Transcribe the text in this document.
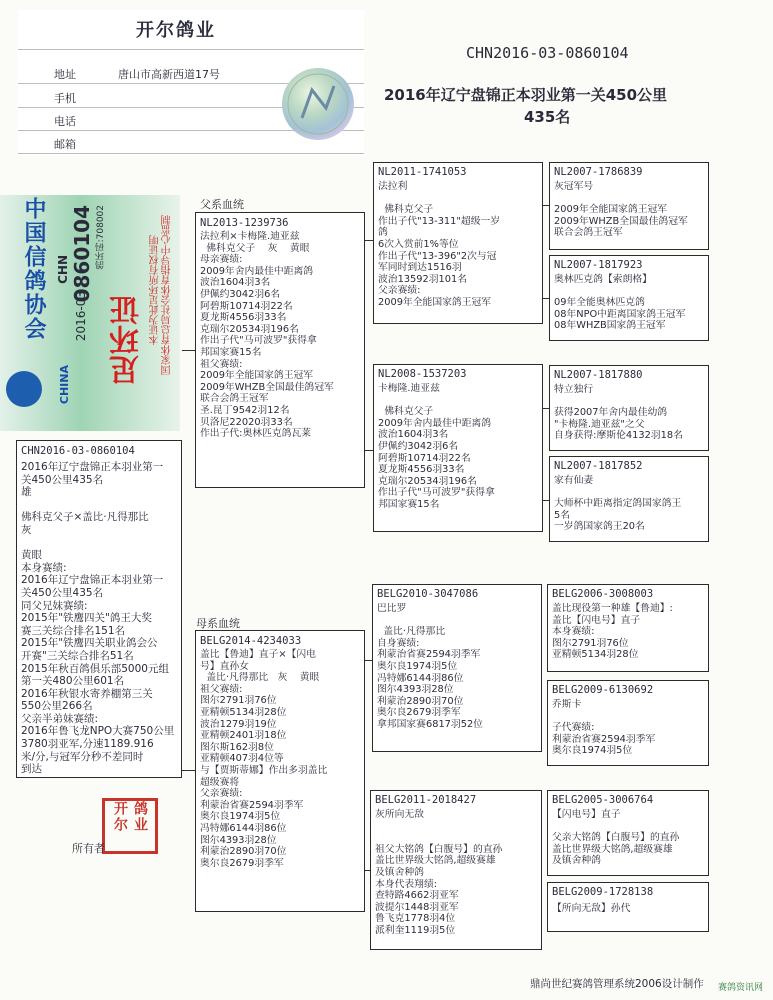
开尔鸽业
地址	唐山市高新西道17号
手机
电话
邮箱
CHN2016-03-0860104
2016年辽宁盘锦正本羽业第一关450公里
435名
中国信鸽协会
CHINA
CHN
2016-03
0860104 鸽环码:708002
足环证 本证为此足环所有权证明 国家体育总局社会体育指导中心监制
CHN2016-03-0860104
2016年辽宁盘锦正本羽业第一
关450公里435名
雄

佛科克父子×盖比·凡得那比
灰

黄眼
本身赛绩:
2016年辽宁盘锦正本羽业第一
关450公里435名
同父兄妹赛绩:
2015年"铁鹰四关"鸽王大奖
赛三关综合排名151名
2015年"铁鹰四关职业鸽会公
开赛"三关综合排名51名
2015年秋百鸽俱乐部5000元组
第一关480公里601名
2016年秋银水寄养棚第三关
550公里266名
父亲半弟妹赛绩:
2016年鲁飞龙NPO大赛750公里
3780羽亚军,分速1189.916
米/分,与冠军分秒不差同时
到达
鸽业 开尔
所有者
父系血统
母系血统
NL2013-1239736
法拉利×卡梅隆.迪亚兹
佛科克父子    灰    黄眼
母亲赛绩:
2009年舍内最佳中距离鸽
波治1604羽3名
伊佩约3042羽6名
阿碧斯10714羽22名
夏龙斯4556羽33名
克瑞尔20534羽196名
作出子代"马可波罗"获得拿
邦国家赛15名
祖父赛绩:
2009年全能国家鸽王冠军
2009年WHZB全国最佳鸽冠军
联合会鸽王冠军
圣.昆丁9542羽12名
贝洛尼22020羽33名
作出子代:奥林匹克鸽瓦莱
BELG2014-4234033
盖比【鲁迪】直子×【闪电
号】直孙女
盖比·凡得那比   灰    黄眼
祖父赛绩:
图尔2791羽76位
亚精顿5134羽28位
波治1279羽19位
亚精顿2401羽18位
图尔斯162羽8位
亚精顿407羽4位等
与【贾斯蒂娜】作出多羽盖比
超级赛将
父亲赛绩:
利蒙治省赛2594羽季军
奥尔良1974羽5位
冯特娜6144羽86位
图尔4393羽28位
利蒙治2890羽70位
奥尔良2679羽季军
NL2011-1741053
法拉利

佛科克父子
作出子代"13-311"超级一岁
鸽
6次入赏前1%等位
作出子代"13-396"2次与冠
军同时到达1516羽
波治13592羽101名
父亲赛绩:
2009年全能国家鸽王冠军
NL2008-1537203
卡梅隆.迪亚兹

佛科克父子
2009年舍内最佳中距离鸽
波治1604羽3名
伊佩约3042羽6名
阿碧斯10714羽22名
夏龙斯4556羽33名
克瑞尔20534羽196名
作出子代"马可波罗"获得拿
邦国家赛15名
BELG2010-3047086
巴比罗

盖比·凡得那比
自身赛绩:
利蒙治省赛2594羽季军
奥尔良1974羽5位
冯特娜6144羽86位
图尔4393羽28位
利蒙治2890羽70位
奥尔良2679羽季军
拿邦国家赛6817羽52位
BELG2011-2018427
灰所向无敌

祖父大铭鸽【白腹号】的直孙
盖比世界级大铭鸽,超级赛雄
及镇舍种鸽
本身代表翔绩:
查特路4662羽亚军
波提尔1448羽亚军
鲁飞克1778羽4位
派利奎1119羽5位
NL2007-1786839
灰冠军号

2009年全能国家鸽王冠军
2009年WHZB全国最佳鸽冠军
联合会鸽王冠军
NL2007-1817923
奥林匹克鸽【索朗格】

09年全能奥林匹克鸽
08年NPO中距离国家鸽王冠军
08年WHZB国家鸽王冠军
NL2007-1817880
特立独行

获得2007年舍内最佳幼鸽
"卡梅隆.迪亚兹"之父
自身获得:摩斯伦4132羽18名
NL2007-1817852
家有仙妻

大师杯中距离指定鸽国家鸽王
5名
一岁鸽国家鸽王20名
BELG2006-3008003
盖比现役第一种雄【鲁迪】:
盖比【闪电号】直子
本身赛绩:
图尔2791羽76位
亚精顿5134羽28位
BELG2009-6130692
乔斯卡

子代赛绩:
利蒙治省赛2594羽季军
奥尔良1974羽5位
BELG2005-3006764
【闪电号】直子

父亲大铭鸽【白腹号】的直孙
盖比世界级大铭鸽,超级赛雄
及镇舍种鸽
BELG2009-1728138
【所向无敌】孙代
鼎尚世纪赛鸽管理系统2006设计制作 赛鸽资讯网
